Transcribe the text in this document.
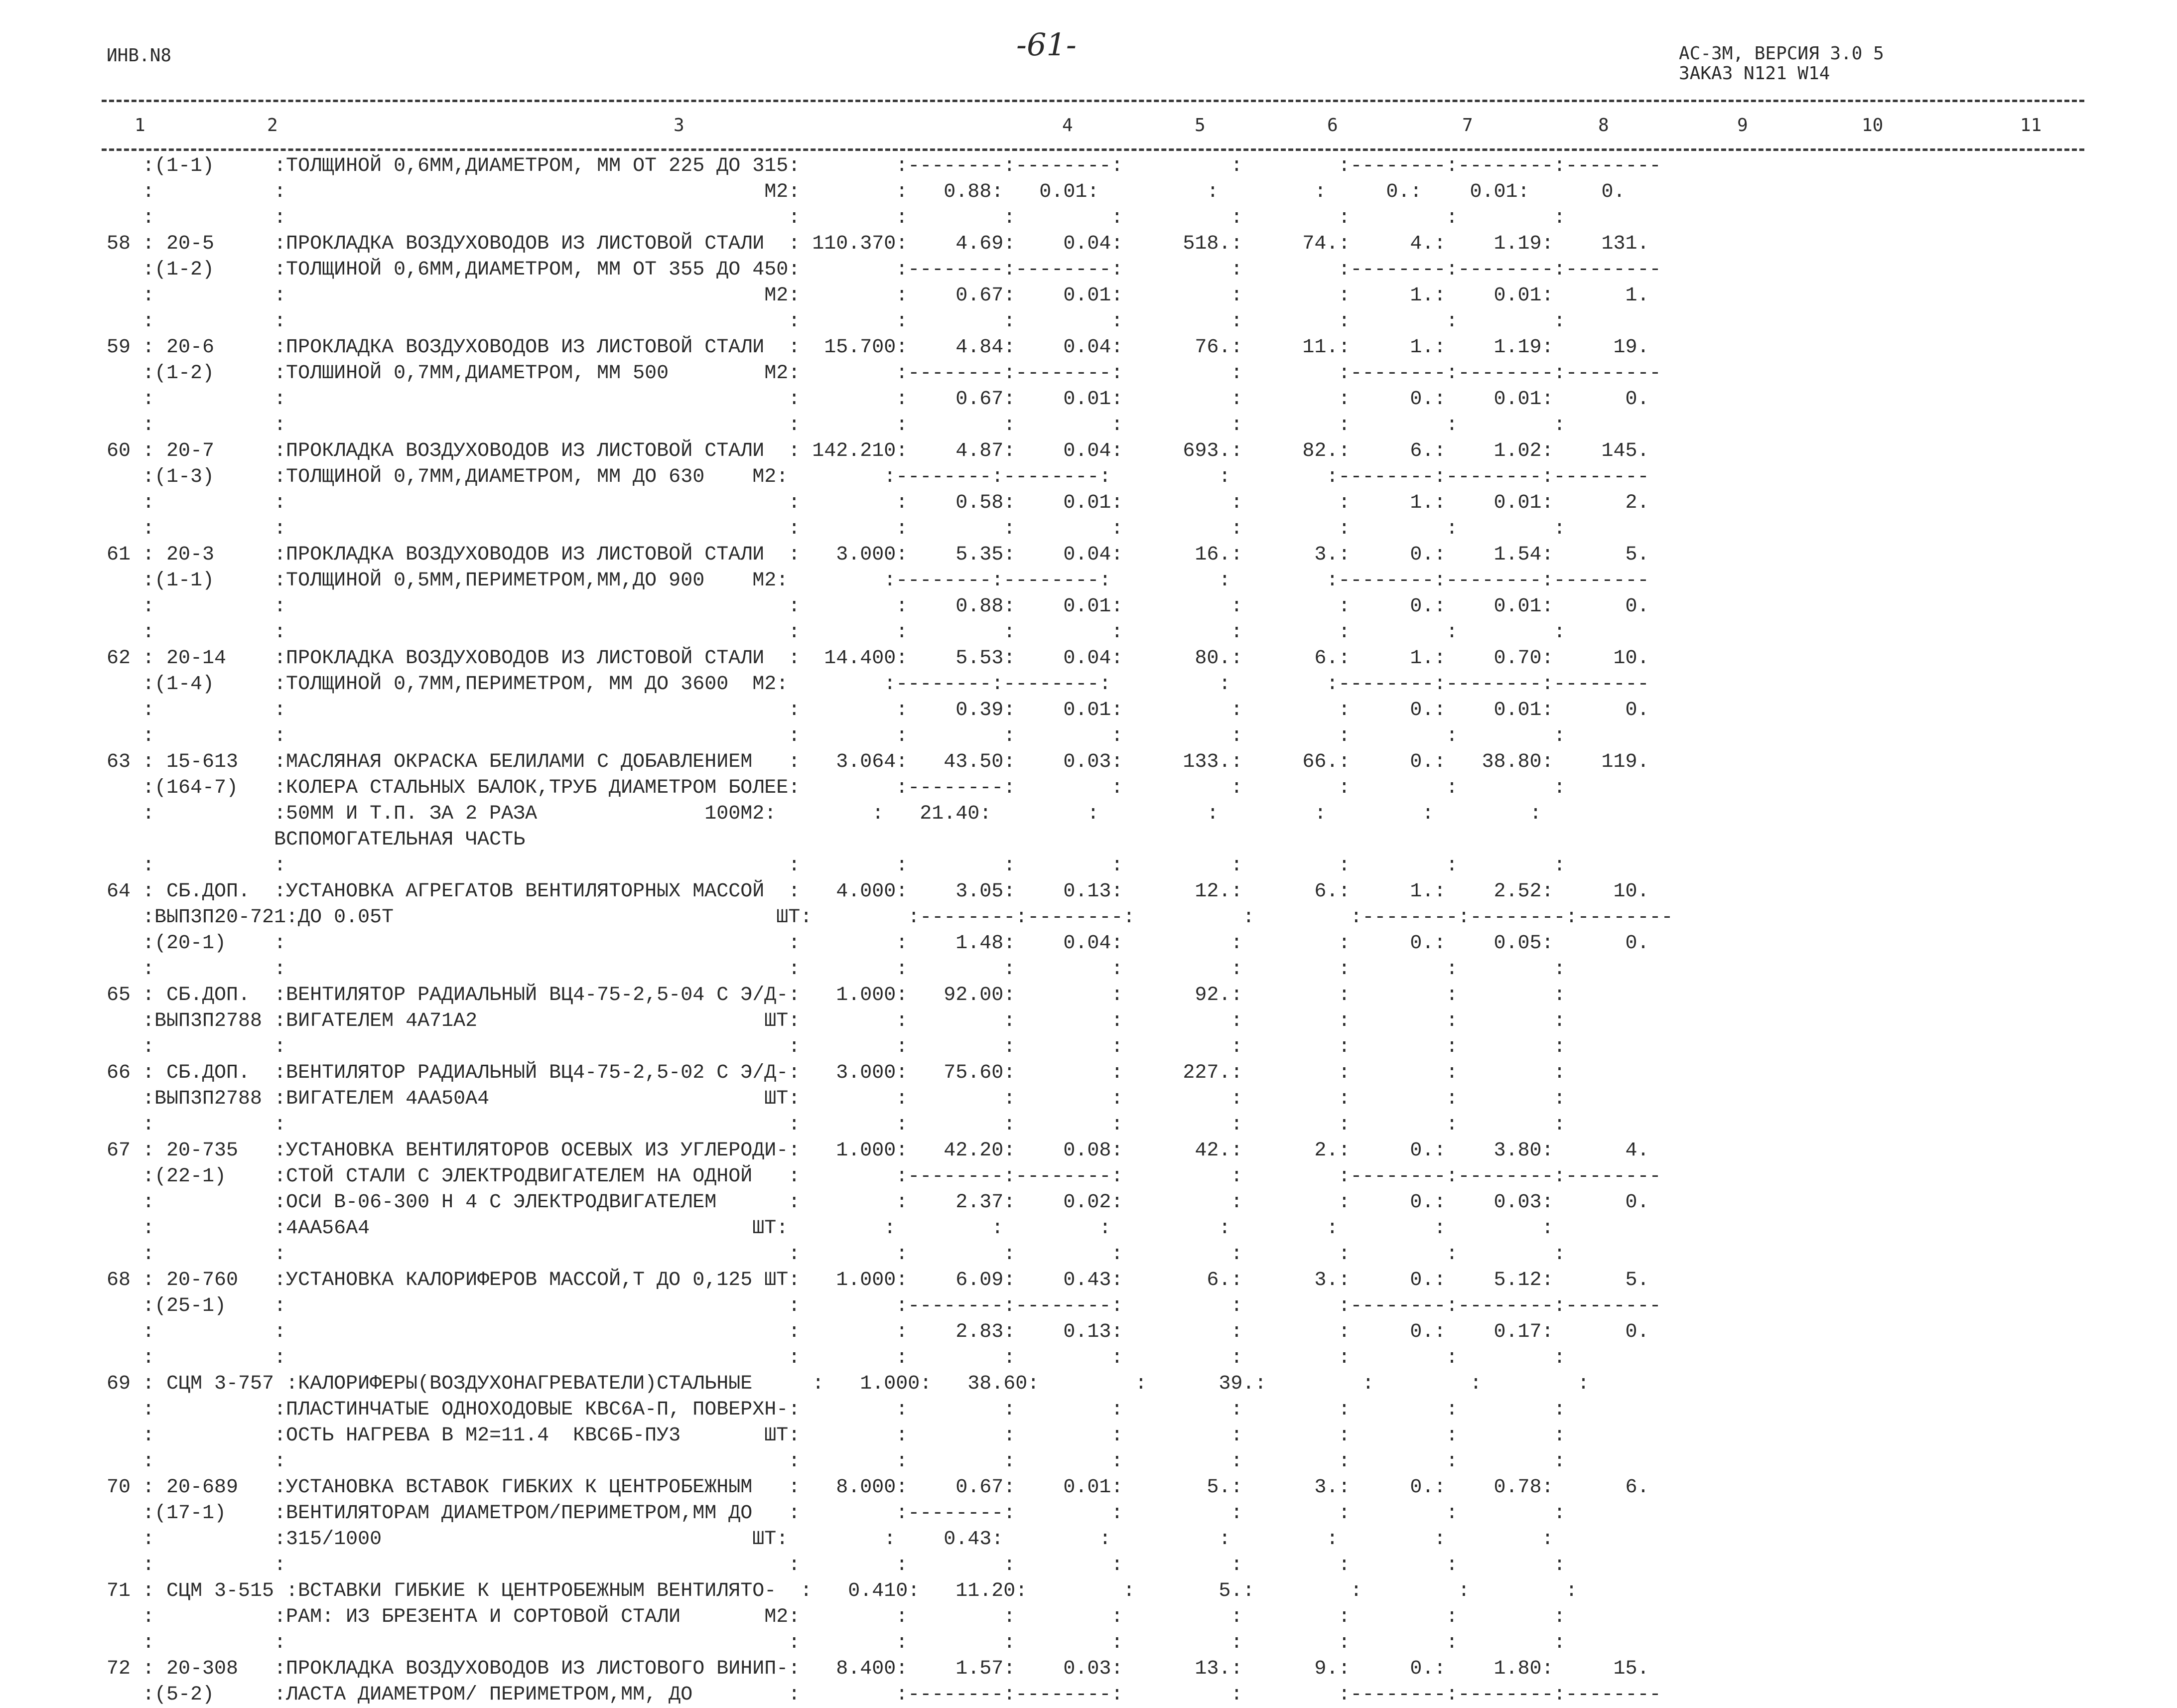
ИНВ.N8	-61-	АС-3М, ВЕРСИЯ 3.0 5
ЗАКАЗ N121 W14
1	2	3	4	5	6	7	8	9	10	11
:(1-1)     :ТОЛЩИНОЙ 0,6ММ,ДИАМЕТРОМ, ММ ОТ 225 ДО 315:        :--------:--------:         :        :--------:--------:--------
:          :                                        М2:        :   0.88:   0.01:         :        :     0.:    0.01:      0.
:          :                                          :        :        :        :         :        :        :        :
58 : 20-5     :ПРОКЛАДКА ВОЗДУХОВОДОВ ИЗ ЛИСТОВОЙ СТАЛИ  : 110.370:    4.69:    0.04:     518.:     74.:     4.:    1.19:    131.
:(1-2)     :ТОЛЩИНОЙ 0,6ММ,ДИАМЕТРОМ, ММ ОТ 355 ДО 450:        :--------:--------:         :        :--------:--------:--------
:          :                                        М2:        :    0.67:    0.01:         :        :     1.:    0.01:      1.
:          :                                          :        :        :        :         :        :        :        :
59 : 20-6     :ПРОКЛАДКА ВОЗДУХОВОДОВ ИЗ ЛИСТОВОЙ СТАЛИ  :  15.700:    4.84:    0.04:      76.:     11.:     1.:    1.19:     19.
:(1-2)     :ТОЛШИНОЙ 0,7ММ,ДИАМЕТРОМ, ММ 500        М2:        :--------:--------:         :        :--------:--------:--------
:          :                                          :        :    0.67:    0.01:         :        :     0.:    0.01:      0.
:          :                                          :        :        :        :         :        :        :        :
60 : 20-7     :ПРОКЛАДКА ВОЗДУХОВОДОВ ИЗ ЛИСТОВОЙ СТАЛИ  : 142.210:    4.87:    0.04:     693.:     82.:     6.:    1.02:    145.
:(1-3)     :ТОЛЩИНОЙ 0,7ММ,ДИАМЕТРОМ, ММ ДО 630    М2:        :--------:--------:         :        :--------:--------:--------
:          :                                          :        :    0.58:    0.01:         :        :     1.:    0.01:      2.
:          :                                          :        :        :        :         :        :        :        :
61 : 20-3     :ПРОКЛАДКА ВОЗДУХОВОДОВ ИЗ ЛИСТОВОЙ СТАЛИ  :   3.000:    5.35:    0.04:      16.:      3.:     0.:    1.54:      5.
:(1-1)     :ТОЛЩИНОЙ 0,5ММ,ПЕРИМЕТРОМ,ММ,ДО 900    М2:        :--------:--------:         :        :--------:--------:--------
:          :                                          :        :    0.88:    0.01:         :        :     0.:    0.01:      0.
:          :                                          :        :        :        :         :        :        :        :
62 : 20-14    :ПРОКЛАДКА ВОЗДУХОВОДОВ ИЗ ЛИСТОВОЙ СТАЛИ  :  14.400:    5.53:    0.04:      80.:      6.:     1.:    0.70:     10.
:(1-4)     :ТОЛЩИНОЙ 0,7ММ,ПЕРИМЕТРОМ, ММ ДО 3600  М2:        :--------:--------:         :        :--------:--------:--------
:          :                                          :        :    0.39:    0.01:         :        :     0.:    0.01:      0.
:          :                                          :        :        :        :         :        :        :        :
63 : 15-613   :МАСЛЯНАЯ ОКРАСКА БЕЛИЛАМИ С ДОБАВЛЕНИЕМ   :   3.064:   43.50:    0.03:     133.:     66.:     0.:   38.80:    119.
:(164-7)   :КОЛЕРА СТАЛЬНЫХ БАЛОК,ТРУБ ДИАМЕТРОМ БОЛЕЕ:        :--------:        :         :        :        :        :
:          :50ММ И Т.П. ЗА 2 РАЗА              100М2:        :   21.40:        :         :        :        :        :
ВСПОМОГАТЕЛЬНАЯ ЧАСТЬ
:          :                                          :        :        :        :         :        :        :        :
64 : СБ.ДОП.  :УСТАНОВКА АГРЕГАТОВ ВЕНТИЛЯТОРНЫХ МАССОЙ  :   4.000:    3.05:    0.13:      12.:      6.:     1.:    2.52:     10.
:ВЫП3П20-721:ДО 0.05Т                                ШТ:        :--------:--------:         :        :--------:--------:--------
:(20-1)    :                                          :        :    1.48:    0.04:         :        :     0.:    0.05:      0.
:          :                                          :        :        :        :         :        :        :        :
65 : СБ.ДОП.  :ВЕНТИЛЯТОР РАДИАЛЬНЫЙ ВЦ4-75-2,5-04 С Э/Д-:   1.000:   92.00:        :      92.:        :        :        :
:ВЫП3П2788 :ВИГАТЕЛЕМ 4А71А2                        ШТ:        :        :        :         :        :        :        :
:          :                                          :        :        :        :         :        :        :        :
66 : СБ.ДОП.  :ВЕНТИЛЯТОР РАДИАЛЬНЫЙ ВЦ4-75-2,5-02 С Э/Д-:   3.000:   75.60:        :     227.:        :        :        :
:ВЫП3П2788 :ВИГАТЕЛЕМ 4АА50А4                       ШТ:        :        :        :         :        :        :        :
:          :                                          :        :        :        :         :        :        :        :
67 : 20-735   :УСТАНОВКА ВЕНТИЛЯТОРОВ ОСЕВЫХ ИЗ УГЛЕРОДИ-:   1.000:   42.20:    0.08:      42.:      2.:     0.:    3.80:      4.
:(22-1)    :СТОЙ СТАЛИ С ЭЛЕКТРОДВИГАТЕЛЕМ НА ОДНОЙ   :        :--------:--------:         :        :--------:--------:--------
:          :ОСИ В-06-300 Н 4 С ЭЛЕКТРОДВИГАТЕЛЕМ      :        :    2.37:    0.02:         :        :     0.:    0.03:      0.
:          :4АА56А4                                ШТ:        :        :        :         :        :        :        :
:          :                                          :        :        :        :         :        :        :        :
68 : 20-760   :УСТАНОВКА КАЛОРИФЕРОВ МАССОЙ,Т ДО 0,125 ШТ:   1.000:    6.09:    0.43:       6.:      3.:     0.:    5.12:      5.
:(25-1)    :                                          :        :--------:--------:         :        :--------:--------:--------
:          :                                          :        :    2.83:    0.13:         :        :     0.:    0.17:      0.
:          :                                          :        :        :        :         :        :        :        :
69 : СЦМ 3-757 :КАЛОРИФЕРЫ(ВОЗДУХОНАГРЕВАТЕЛИ)СТАЛЬНЫЕ     :   1.000:   38.60:        :      39.:        :        :        :
:          :ПЛАСТИНЧАТЫЕ ОДНОХОДОВЫЕ КВС6А-П, ПОВЕРХН-:        :        :        :         :        :        :        :
:          :ОСТЬ НАГРЕВА В М2=11.4  КВС6Б-ПУ3       ШТ:        :        :        :         :        :        :        :
:          :                                          :        :        :        :         :        :        :        :
70 : 20-689   :УСТАНОВКА ВСТАВОК ГИБКИХ К ЦЕНТРОБЕЖНЫМ   :   8.000:    0.67:    0.01:       5.:      3.:     0.:    0.78:      6.
:(17-1)    :ВЕНТИЛЯТОРАМ ДИАМЕТРОМ/ПЕРИМЕТРОМ,ММ ДО   :        :--------:        :         :        :        :        :
:          :315/1000                               ШТ:        :    0.43:        :         :        :        :        :
:          :                                          :        :        :        :         :        :        :        :
71 : СЦМ 3-515 :ВСТАВКИ ГИБКИЕ К ЦЕНТРОБЕЖНЫМ ВЕНТИЛЯТО-  :   0.410:   11.20:        :       5.:        :        :        :
:          :РАМ: ИЗ БРЕЗЕНТА И СОРТОВОЙ СТАЛИ       М2:        :        :        :         :        :        :        :
:          :                                          :        :        :        :         :        :        :        :
72 : 20-308   :ПРОКЛАДКА ВОЗДУХОВОДОВ ИЗ ЛИСТОВОГО ВИНИП-:   8.400:    1.57:    0.03:      13.:      9.:     0.:    1.80:     15.
:(5-2)     :ЛАСТА ДИАМЕТРОМ/ ПЕРИМЕТРОМ,ММ, ДО        :        :--------:--------:         :        :--------:--------:--------
